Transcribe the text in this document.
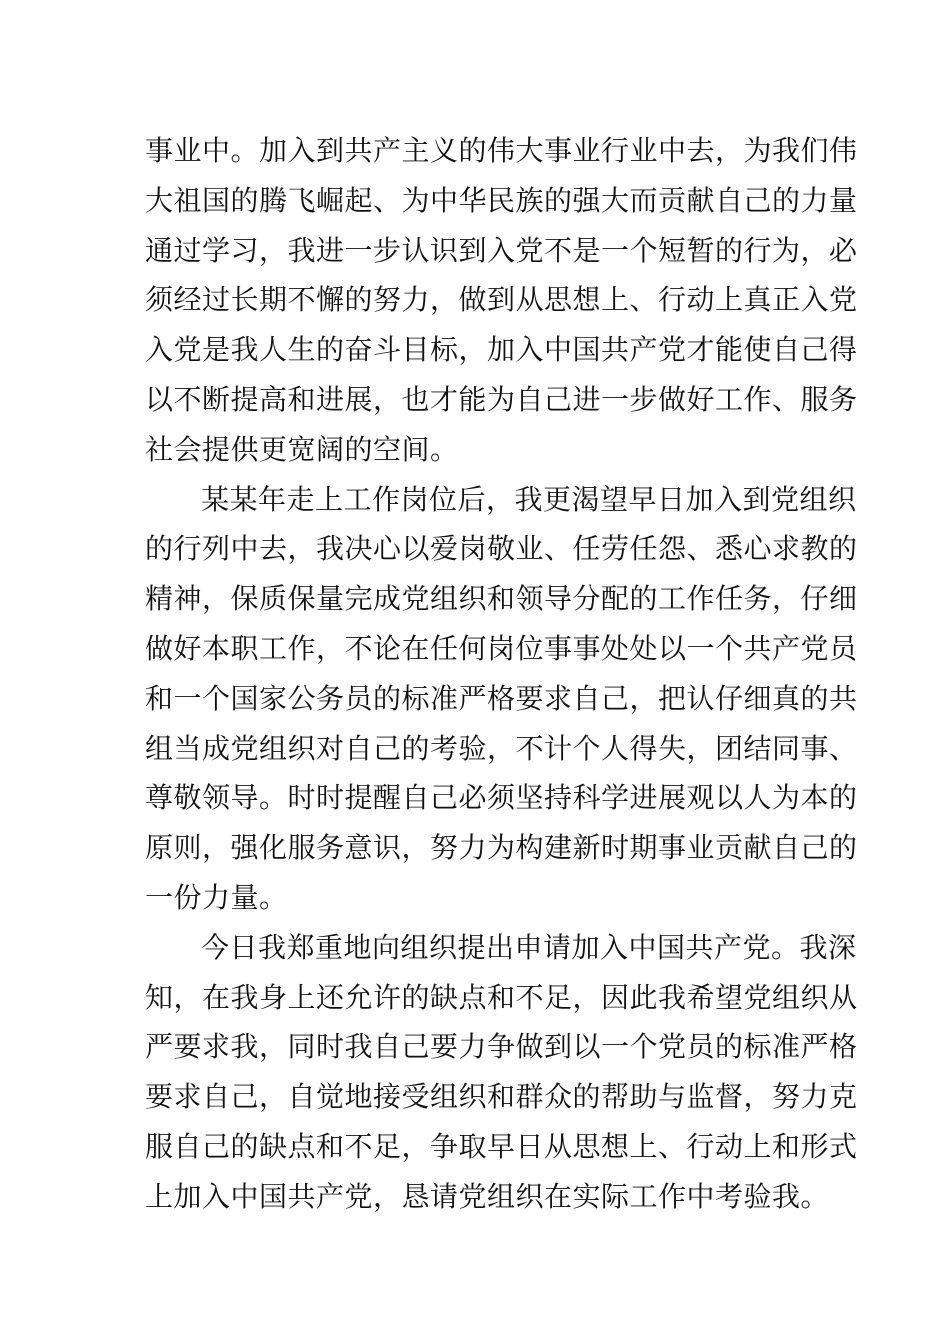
事业中。加入到共产主义的伟大事业行业中去，为我们伟
大祖国的腾飞崛起、为中华民族的强大而贡献自己的力量
通过学习，我进一步认识到入党不是一个短暂的行为，必
须经过长期不懈的努力，做到从思想上、行动上真正入党
入党是我人生的奋斗目标，加入中国共产党才能使自己得
以不断提高和进展，也才能为自己进一步做好工作、服务
社会提供更宽阔的空间。
某某年走上工作岗位后，我更渴望早日加入到党组织
的行列中去，我决心以爱岗敬业、任劳任怨、悉心求教的
精神，保质保量完成党组织和领导分配的工作任务，仔细
做好本职工作，不论在任何岗位事事处处以一个共产党员
和一个国家公务员的标准严格要求自己，把认仔细真的共
组当成党组织对自己的考验，不计个人得失，团结同事、
尊敬领导。时时提醒自己必须坚持科学进展观以人为本的
原则，强化服务意识，努力为构建新时期事业贡献自己的
一份力量。
今日我郑重地向组织提出申请加入中国共产党。我深
知，在我身上还允许的缺点和不足，因此我希望党组织从
严要求我，同时我自己要力争做到以一个党员的标准严格
要求自己，自觉地接受组织和群众的帮助与监督，努力克
服自己的缺点和不足，争取早日从思想上、行动上和形式
上加入中国共产党，恳请党组织在实际工作中考验我。
